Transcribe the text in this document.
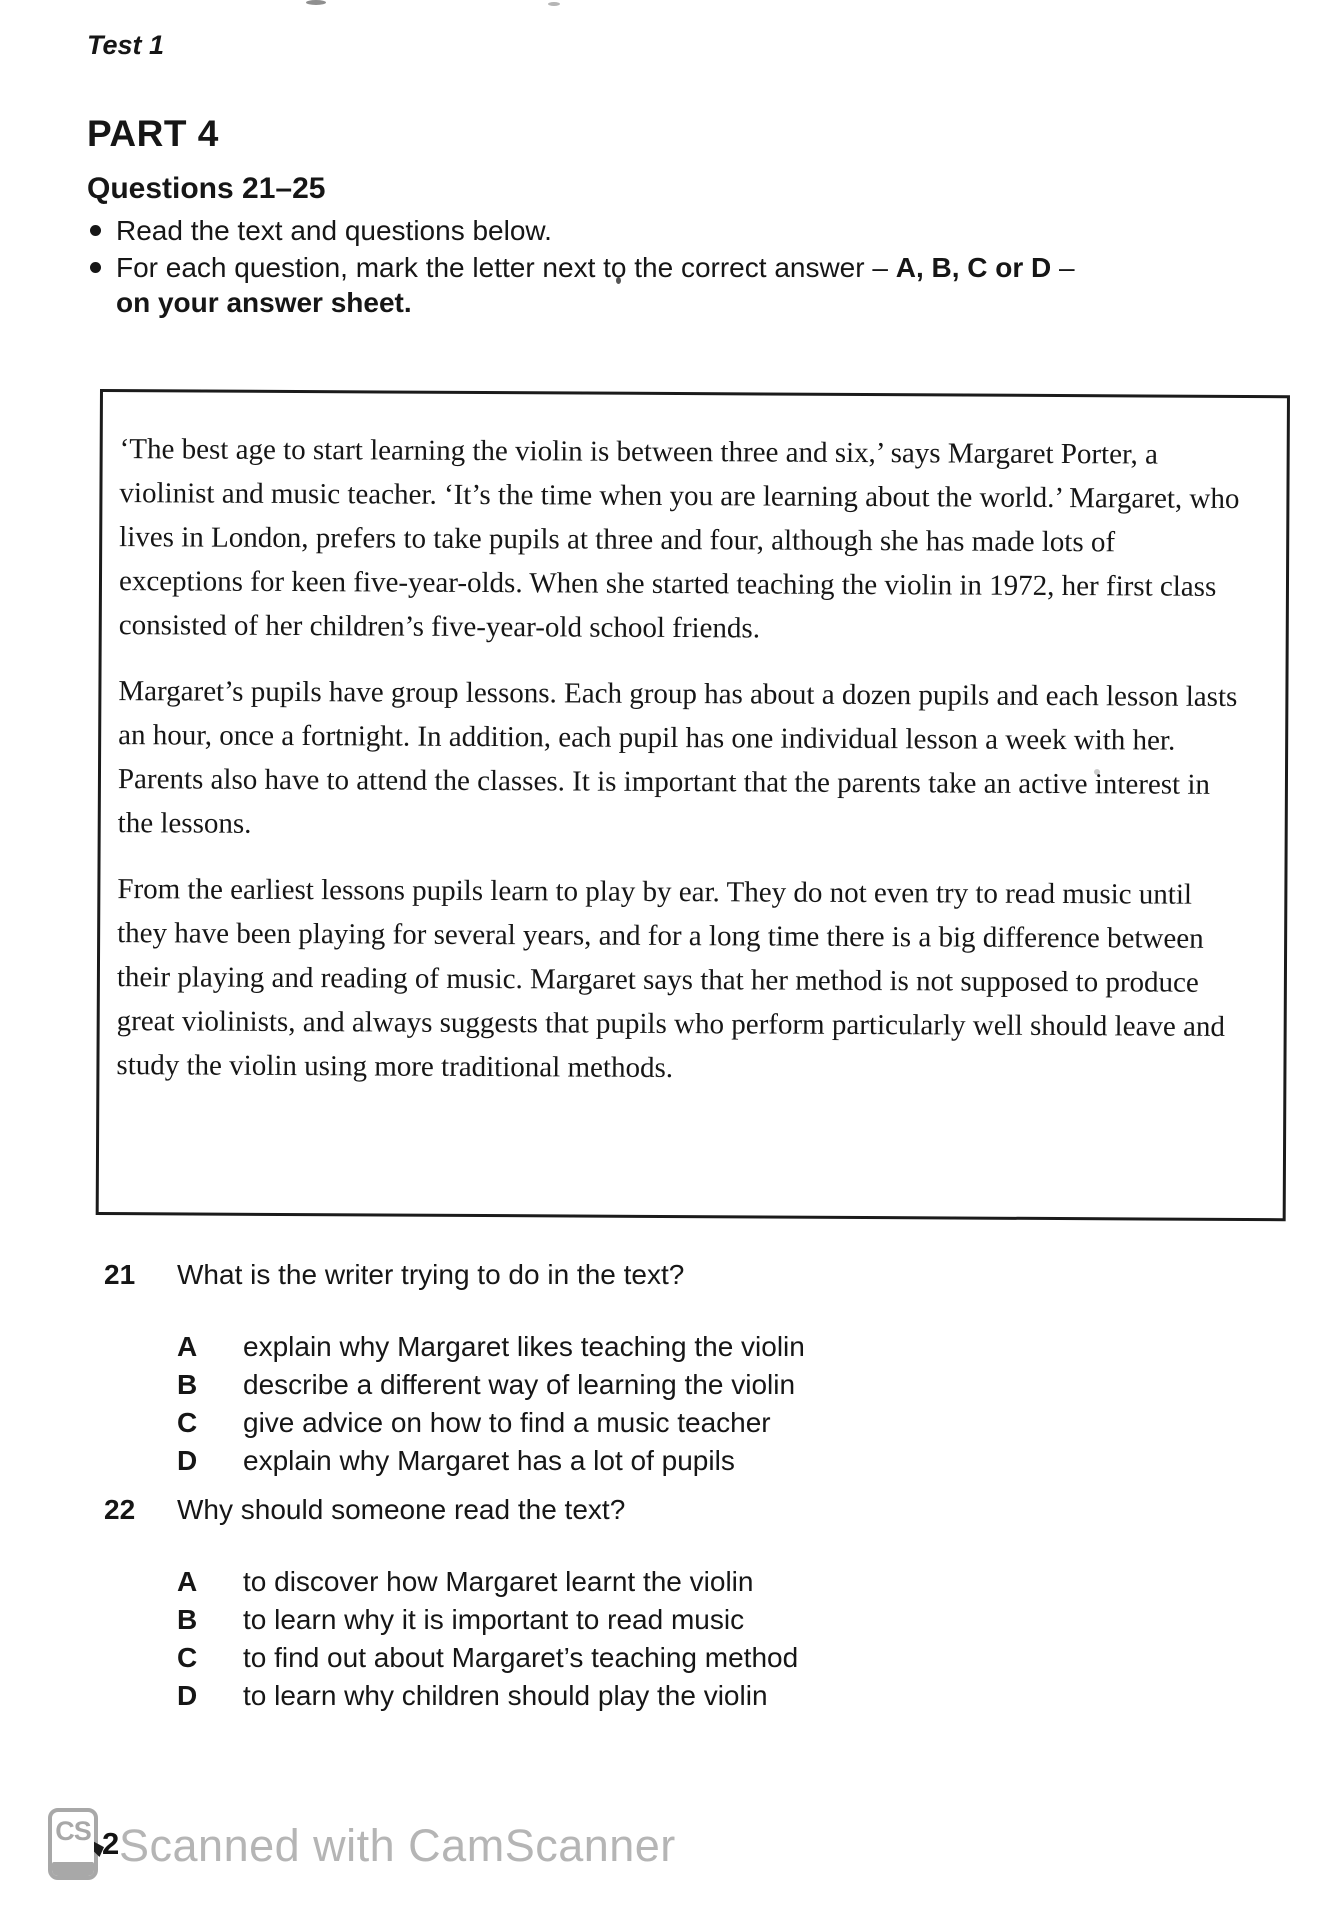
Test 1
PART 4
Questions 21–25
Read the text and questions below.
For each question, mark the letter next to the correct answer – A, B, C or D –
on your answer sheet.

‘The best age to start learning the violin is between three and six,’ says Margaret Porter, a violinist and music teacher. ‘It’s the time when you are learning about the world.’ Margaret, who lives in London, prefers to take pupils at three and four, although she has made lots of exceptions for keen five-year-olds. When she started teaching the violin in 1972, her first class consisted of her children’s five-year-old school friends.

Margaret’s pupils have group lessons. Each group has about a dozen pupils and each lesson lasts an hour, once a fortnight. In addition, each pupil has one individual lesson a week with her. Parents also have to attend the classes. It is important that the parents take an active interest in the lessons.

From the earliest lessons pupils learn to play by ear. They do not even try to read music until they have been playing for several years, and for a long time there is a big difference between their playing and reading of music. Margaret says that her method is not supposed to produce great violinists, and always suggests that pupils who perform particularly well should leave and study the violin using more traditional methods.

21 What is the writer trying to do in the text?
A explain why Margaret likes teaching the violin
B describe a different way of learning the violin
C give advice on how to find a music teacher
D explain why Margaret has a lot of pupils
22 Why should someone read the text?
A to discover how Margaret learnt the violin
B to learn why it is important to read music
C to find out about Margaret’s teaching method
D to learn why children should play the violin
CS 2 Scanned with CamScanner
